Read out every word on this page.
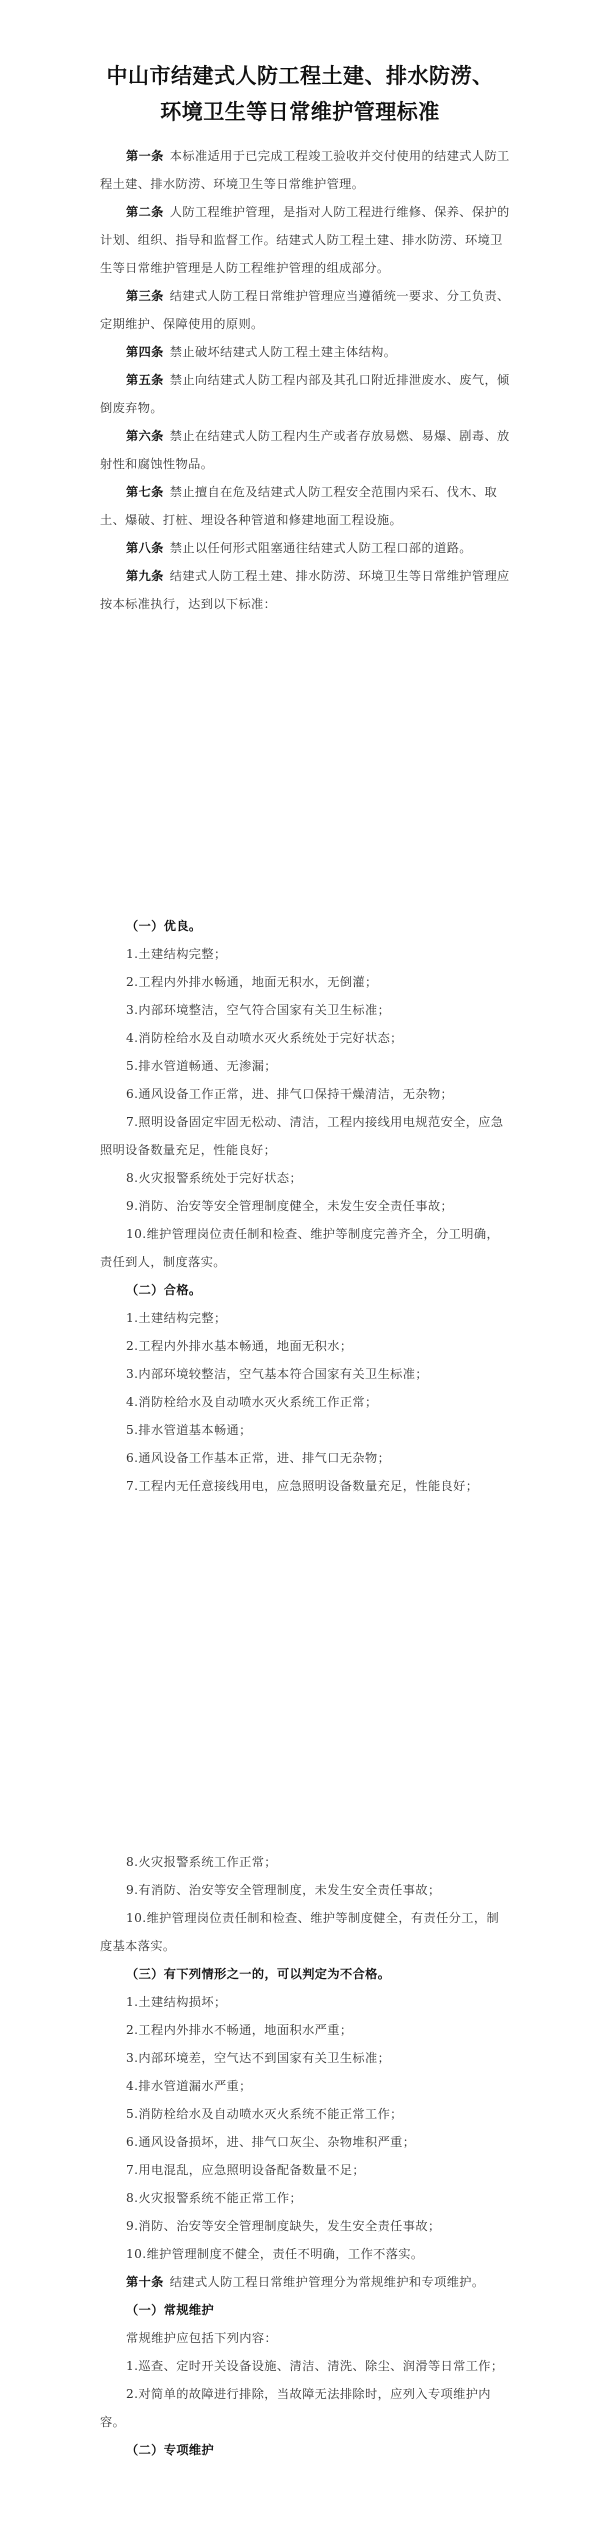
中山市结建式人防工程土建、排水防涝、
环境卫生等日常维护管理标准

第一条 本标准适用于已完成工程竣工验收并交付使用的结建式人防工程土建、排水防涝、环境卫生等日常维护管理。

第二条 人防工程维护管理，是指对人防工程进行维修、保养、保护的计划、组织、指导和监督工作。结建式人防工程土建、排水防涝、环境卫生等日常维护管理是人防工程维护管理的组成部分。

第三条 结建式人防工程日常维护管理应当遵循统一要求、分工负责、定期维护、保障使用的原则。

第四条 禁止破坏结建式人防工程土建主体结构。

第五条 禁止向结建式人防工程内部及其孔口附近排泄废水、废气，倾倒废弃物。

第六条 禁止在结建式人防工程内生产或者存放易燃、易爆、剧毒、放射性和腐蚀性物品。

第七条 禁止擅自在危及结建式人防工程安全范围内采石、伐木、取土、爆破、打桩、埋设各种管道和修建地面工程设施。

第八条 禁止以任何形式阻塞通往结建式人防工程口部的道路。

第九条 结建式人防工程土建、排水防涝、环境卫生等日常维护管理应按本标准执行，达到以下标准：

（一）优良。

1.土建结构完整；

2.工程内外排水畅通，地面无积水，无倒灌；

3.内部环境整洁，空气符合国家有关卫生标准；

4.消防栓给水及自动喷水灭火系统处于完好状态；

5.排水管道畅通、无渗漏；

6.通风设备工作正常，进、排气口保持干燥清洁，无杂物；

7.照明设备固定牢固无松动、清洁，工程内接线用电规范安全，应急照明设备数量充足，性能良好；

8.火灾报警系统处于完好状态；

9.消防、治安等安全管理制度健全，未发生安全责任事故；

10.维护管理岗位责任制和检查、维护等制度完善齐全，分工明确，责任到人，制度落实。

（二）合格。

1.土建结构完整；

2.工程内外排水基本畅通，地面无积水；

3.内部环境较整洁，空气基本符合国家有关卫生标准；

4.消防栓给水及自动喷水灭火系统工作正常；

5.排水管道基本畅通；

6.通风设备工作基本正常，进、排气口无杂物；

7.工程内无任意接线用电，应急照明设备数量充足，性能良好；

8.火灾报警系统工作正常；

9.有消防、治安等安全管理制度，未发生安全责任事故；

10.维护管理岗位责任制和检查、维护等制度健全，有责任分工，制度基本落实。

（三）有下列情形之一的，可以判定为不合格。

1.土建结构损坏；

2.工程内外排水不畅通，地面积水严重；

3.内部环境差，空气达不到国家有关卫生标准；

4.排水管道漏水严重；

5.消防栓给水及自动喷水灭火系统不能正常工作；

6.通风设备损坏，进、排气口灰尘、杂物堆积严重；

7.用电混乱，应急照明设备配备数量不足；

8.火灾报警系统不能正常工作；

9.消防、治安等安全管理制度缺失，发生安全责任事故；

10.维护管理制度不健全，责任不明确，工作不落实。

第十条 结建式人防工程日常维护管理分为常规维护和专项维护。

（一）常规维护

常规维护应包括下列内容：

1.巡查、定时开关设备设施、清洁、清洗、除尘、润滑等日常工作；

2.对简单的故障进行排除，当故障无法排除时，应列入专项维护内容。

（二）专项维护
